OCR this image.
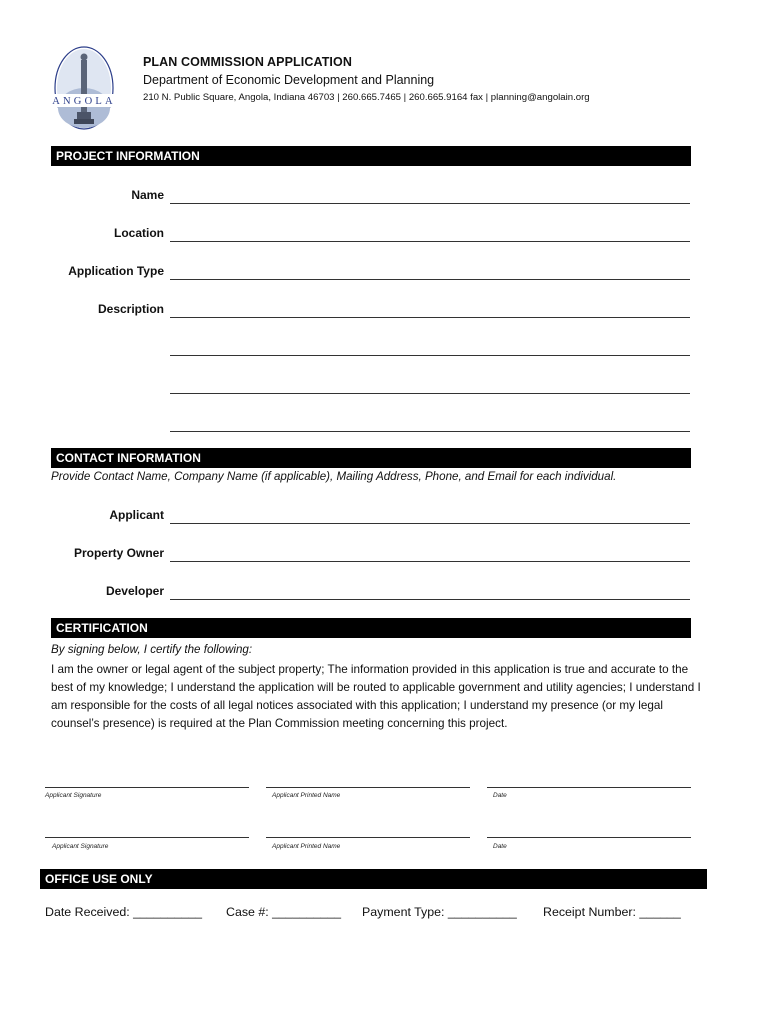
ANGOLA
PLAN COMMISSION APPLICATION
Department of Economic Development and Planning
210 N. Public Square, Angola, Indiana 46703 | 260.665.7465 | 260.665.9164 fax | planning@angolain.org
PROJECT INFORMATION
Name
Location
Application Type
Description
CONTACT INFORMATION
Provide Contact Name, Company Name (if applicable), Mailing Address, Phone, and Email for each individual.
Applicant
Property Owner
Developer
CERTIFICATION
By signing below, I certify the following:
I am the owner or legal agent of the subject property; The information provided in this application is true and accurate to the best of my knowledge; I understand the application will be routed to applicable government and utility agencies; I understand I am responsible for the costs of all legal notices associated with this application; I understand my presence (or my legal counsel’s presence) is required at the Plan Commission meeting concerning this project.
Applicant Signature	Applicant Printed Name	Date
Applicant Signature	Applicant Printed Name	Date
OFFICE USE ONLY
Date Received: __________ Case #: __________ Payment Type: __________ Receipt Number: ______
